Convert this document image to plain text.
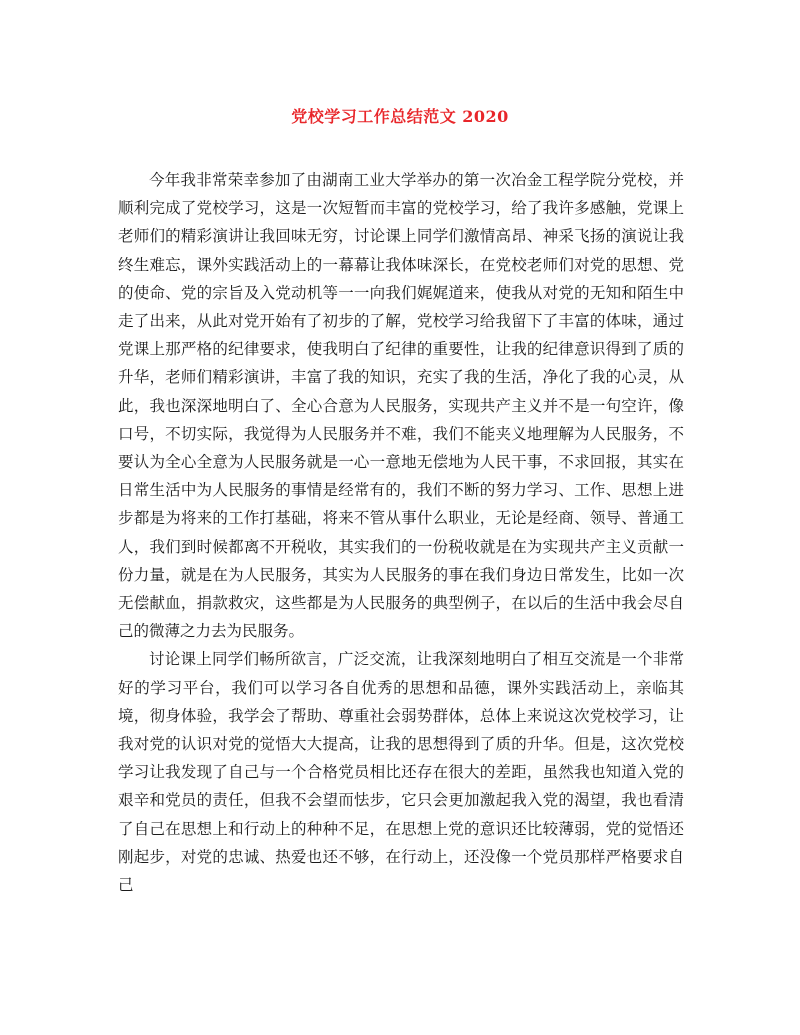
党校学习工作总结范文 2020

今年我非常荣幸参加了由湖南工业大学举办的第一次冶金工程学院分党校，并顺利完成了党校学习，这是一次短暂而丰富的党校学习，给了我许多感触，党课上老师们的精彩演讲让我回味无穷，讨论课上同学们激情高昂、神采飞扬的演说让我终生难忘，课外实践活动上的一幕幕让我体味深长，在党校老师们对党的思想、党的使命、党的宗旨及入党动机等一一向我们娓娓道来，使我从对党的无知和陌生中走了出来，从此对党开始有了初步的了解，党校学习给我留下了丰富的体味，通过党课上那严格的纪律要求，使我明白了纪律的重要性，让我的纪律意识得到了质的升华，老师们精彩演讲，丰富了我的知识，充实了我的生活，净化了我的心灵，从此，我也深深地明白了、全心合意为人民服务，实现共产主义并不是一句空许，像口号，不切实际，我觉得为人民服务并不难，我们不能夹义地理解为人民服务，不要认为全心全意为人民服务就是一心一意地无偿地为人民干事，不求回报，其实在日常生活中为人民服务的事情是经常有的，我们不断的努力学习、工作、思想上进步都是为将来的工作打基础，将来不管从事什么职业，无论是经商、领导、普通工人，我们到时候都离不开税收，其实我们的一份税收就是在为实现共产主义贡献一份力量，就是在为人民服务，其实为人民服务的事在我们身边日常发生，比如一次无偿献血，捐款救灾，这些都是为人民服务的典型例子，在以后的生活中我会尽自己的微薄之力去为民服务。

讨论课上同学们畅所欲言，广泛交流，让我深刻地明白了相互交流是一个非常好的学习平台，我们可以学习各自优秀的思想和品德，课外实践活动上，亲临其境，彻身体验，我学会了帮助、尊重社会弱势群体，总体上来说这次党校学习，让我对党的认识对党的觉悟大大提高，让我的思想得到了质的升华。但是，这次党校学习让我发现了自己与一个合格党员相比还存在很大的差距，虽然我也知道入党的艰辛和党员的责任，但我不会望而怯步，它只会更加激起我入党的渴望，我也看清了自己在思想上和行动上的种种不足，在思想上党的意识还比较薄弱，党的觉悟还刚起步，对党的忠诚、热爱也还不够，在行动上，还没像一个党员那样严格要求自己
